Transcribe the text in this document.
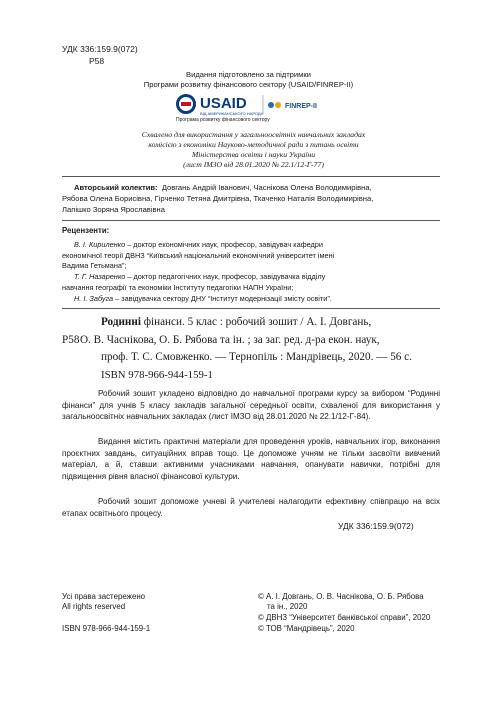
УДК 336:159.9(072)
Р58
Видання підготовлено за підтримки
Програми розвитку фінансового сектору (USAID/FINREP-II)
USAID
ВІД АМЕРИКАНСЬКОГО НАРОДУ
FINREP-II
Програма розвитку фінансового сектору
Схвалено для використання у загальноосвітніх навчальних закладах
комісією з економіки Науково-методичної ради з питань освіти
Міністерства освіти і науки України
(лист ІМЗО від 28.01.2020 № 22.1/12-Г-77)
Авторський колектив: Довгань Андрій Іванович, Часнікова Олена Володимирівна,
Рябова Олена Борисівна, Гірченко Тетяна Дмитрівна, Ткаченко Наталія Володимирівна,
Лапішко Зоряна Ярославівна
Рецензенти:
В. І. Кириленко – доктор економічних наук, професор, завідувач кафедри
економічної теорії ДВНЗ “Київський національний економічний університет імені
Вадима Гетьмана”;
Т. Г. Назаренко – доктор педагогічних наук, професор, завідувачка відділу
навчання географії та економіки Інституту педагогіки НАПН України;
Н. І. Забуга – завідувачка сектору ДНУ “Інститут модернізації змісту освіти”.
Родинні фінанси. 5 клас : робочий зошит / А. І. Довгань,
Р58О. В. Часнікова, О. Б. Рябова та ін. ; за заг. ред. д-ра екон. наук,
проф. Т. С. Смовженко. — Тернопіль : Мандрівець, 2020. — 56 с.
ISBN 978-966-944-159-1
Робочий зошит укладено відповідно до навчальної програми курсу за вибором “Родинні фінанси” для учнів 5 класу закладів загальної середньої освіти, схваленої для використання у загальноосвітніх навчальних закладах (лист ІМЗО від 28.01.2020 № 22.1/12-Г-84).
Видання містить практичні матеріали для проведення уроків, навчальних ігор, виконання проєктних завдань, ситуаційних вправ тощо. Це допоможе учням не тільки засвоїти вивчений матеріал, а й, ставши активними учасниками навчання, опанувати навички, потрібні для підвищення рівня власної фінансової культури.
Робочий зошит допоможе учневі й учителеві налагодити ефективну співпрацю на всіх етапах освітнього процесу.
УДК 336:159.9(072)
Усі права застережено
All rights reserved
ISBN 978-966-944-159-1
© А. І. Довгань, О. В. Часнікова, О. Б. Рябова
та ін., 2020
© ДВНЗ “Університет банківської справи”, 2020
© ТОВ “Мандрівець”, 2020
